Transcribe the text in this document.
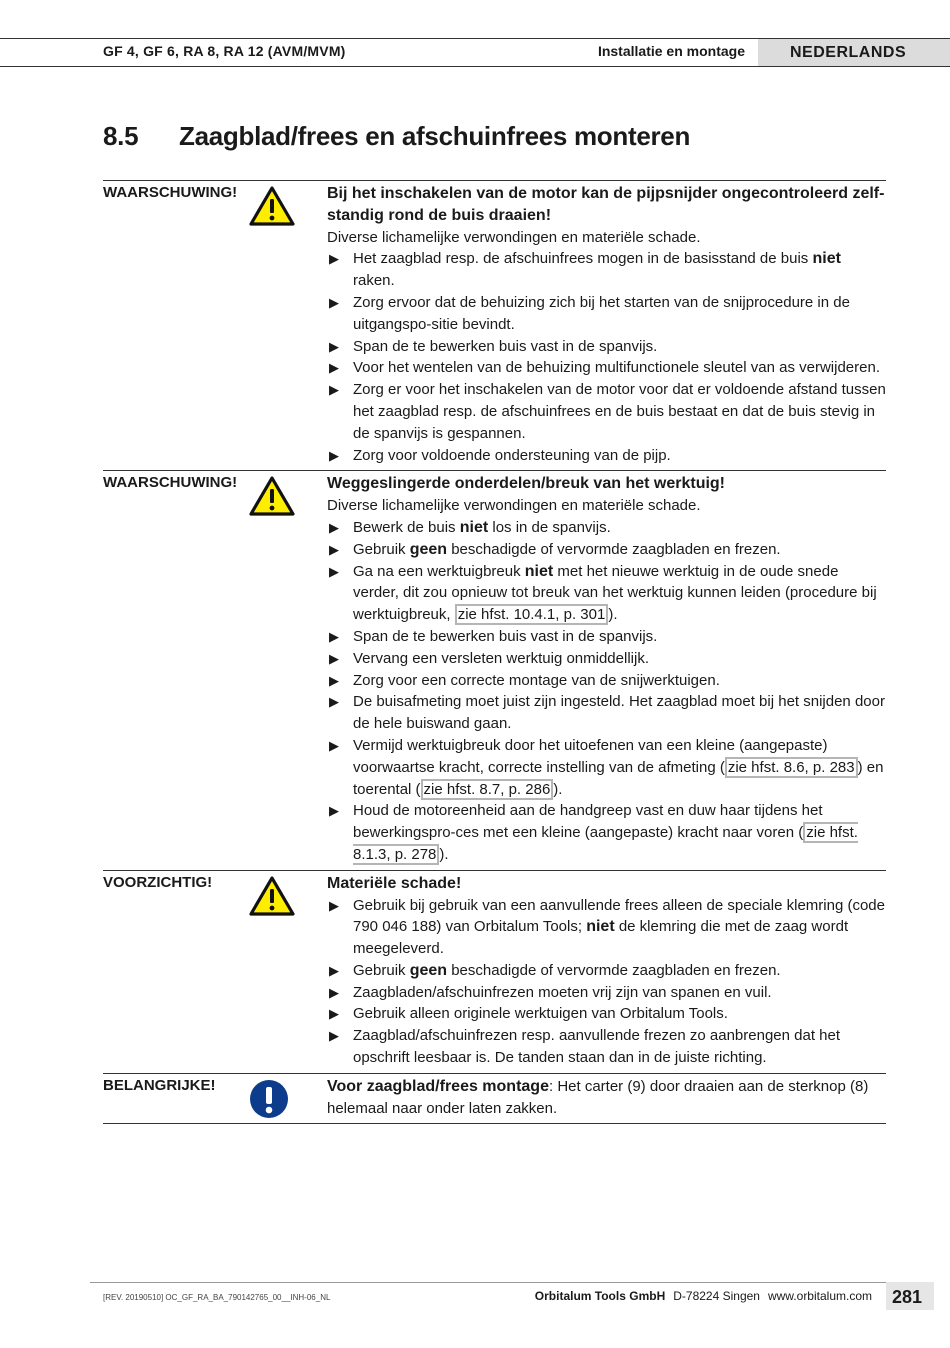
GF 4, GF 6, RA 8, RA 12 (AVM/MVM)	Installatie en montage	NEDERLANDS
8.5 Zaagblad/frees en afschuinfrees monteren
WAARSCHUWING!	Bij het inschakelen van de motor kan de pijpsnijder ongecontroleerd zelf-standig rond de buis draaien!
Diverse lichamelijke verwondingen en materiële schade.
▶ Het zaagblad resp. de afschuinfrees mogen in de basisstand de buis niet raken.
▶ Zorg ervoor dat de behuizing zich bij het starten van de snijprocedure in de uitgangspo-sitie bevindt.
▶ Span de te bewerken buis vast in de spanvijs.
▶ Voor het wentelen van de behuizing multifunctionele sleutel van as verwijderen.
▶ Zorg er voor het inschakelen van de motor voor dat er voldoende afstand tussen het zaagblad resp. de afschuinfrees en de buis bestaat en dat de buis stevig in de spanvijs is gespannen.
▶ Zorg voor voldoende ondersteuning van de pijp.
WAARSCHUWING!	Weggeslingerde onderdelen/breuk van het werktuig!
Diverse lichamelijke verwondingen en materiële schade.
▶ Bewerk de buis niet los in de spanvijs.
▶ Gebruik geen beschadigde of vervormde zaagbladen en frezen.
▶ Ga na een werktuigbreuk niet met het nieuwe werktuig in de oude snede verder, dit zou opnieuw tot breuk van het werktuig kunnen leiden (procedure bij werktuigbreuk, zie hfst. 10.4.1, p. 301 ).
▶ Span de te bewerken buis vast in de spanvijs.
▶ Vervang een versleten werktuig onmiddellijk.
▶ Zorg voor een correcte montage van de snijwerktuigen.
▶ De buisafmeting moet juist zijn ingesteld. Het zaagblad moet bij het snijden door de hele buiswand gaan.
▶ Vermijd werktuigbreuk door het uitoefenen van een kleine (aangepaste) voorwaartse kracht, correcte instelling van de afmeting ( zie hfst. 8.6, p. 283 ) en toerental ( zie hfst. 8.7, p. 286 ).
▶ Houd de motoreenheid aan de handgreep vast en duw haar tijdens het bewerkingspro-ces met een kleine (aangepaste) kracht naar voren ( zie hfst. 8.1.3, p. 278 ).
VOORZICHTIG!	Materiële schade!
▶ Gebruik bij gebruik van een aanvullende frees alleen de speciale klemring (code 790 046 188) van Orbitalum Tools; niet de klemring die met de zaag wordt meegeleverd.
▶ Gebruik geen beschadigde of vervormde zaagbladen en frezen.
▶ Zaagbladen/afschuinfrezen moeten vrij zijn van spanen en vuil.
▶ Gebruik alleen originele werktuigen van Orbitalum Tools.
▶ Zaagblad/afschuinfrezen resp. aanvullende frezen zo aanbrengen dat het opschrift leesbaar is. De tanden staan dan in de juiste richting.
BELANGRIJKE!	Voor zaagblad/frees montage: Het carter (9) door draaien aan de sterknop (8) helemaal naar onder laten zakken.
[REV. 20190510] OC_GF_RA_BA_790142765_00__INH-06_NL	Orbitalum Tools GmbH D-78224 Singen www.orbitalum.com	281
